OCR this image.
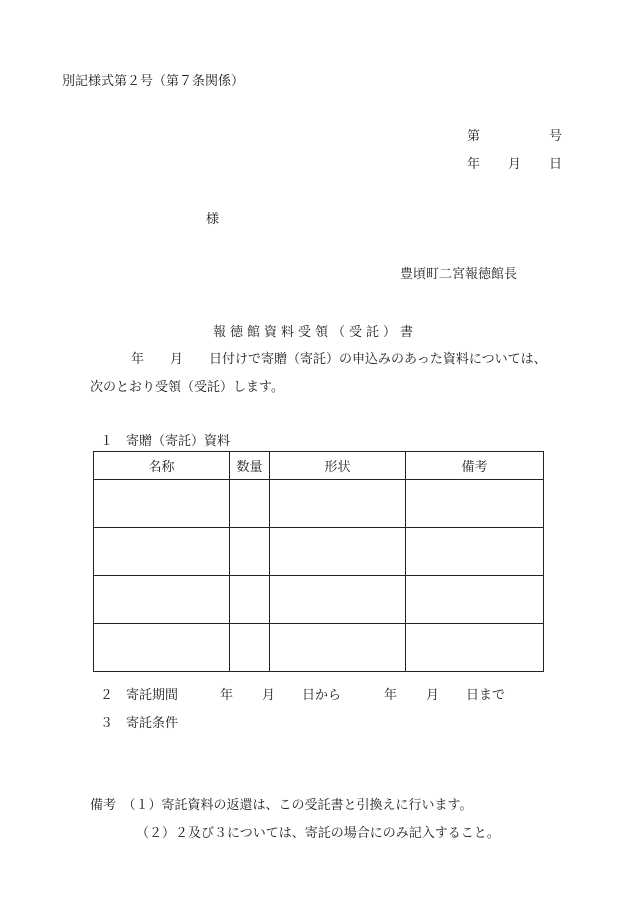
別記様式第２号（第７条関係）
第	号
年 月 日
様
豊頃町二宮報徳館長
報徳館資料受領（受託）書
年　　月　　日付けで寄贈（寄託）の申込みのあった資料については、
次のとおり受領（受託）します。
１　寄贈（寄託）資料
名称	数量	形状	備考

２　寄託期間	年 月 日から	年 月 日まで
３　寄託条件
備考　（１）寄託資料の返還は、この受託書と引換えに行います。
（２）２及び３については、寄託の場合にのみ記入すること。
